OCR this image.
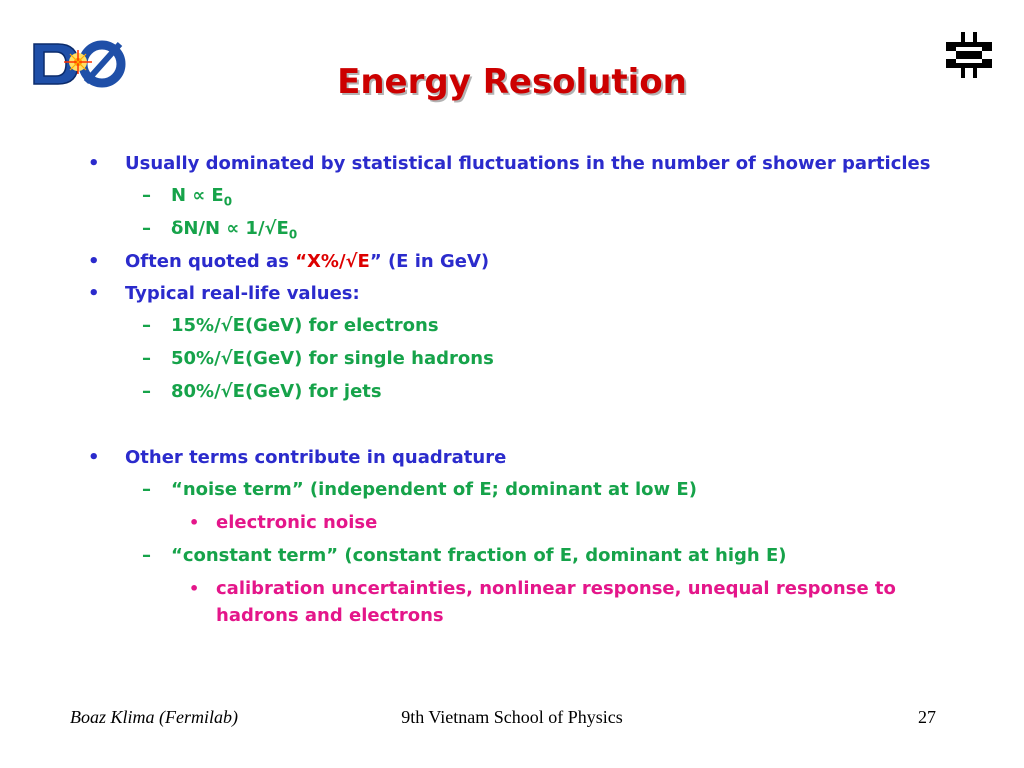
Energy Resolution
• Usually dominated by statistical fluctuations in the number of shower particles
– $N \propto E_0$
– $\delta N/N \propto 1/√E_0$
• Often quoted as “X%/√E” (E in GeV)
• Typical real-life values:
– 15%/√E(GeV) for electrons
– 50%/√E(GeV) for single hadrons
– 80%/√E(GeV) for jets
• Other terms contribute in quadrature
– “noise term” (independent of E; dominant at low E)
• electronic noise
– “constant term” (constant fraction of E, dominant at high E)
• calibration uncertainties, nonlinear response, unequal response to hadrons and electrons
Boaz Klima (Fermilab)	9th Vietnam School of Physics	27
